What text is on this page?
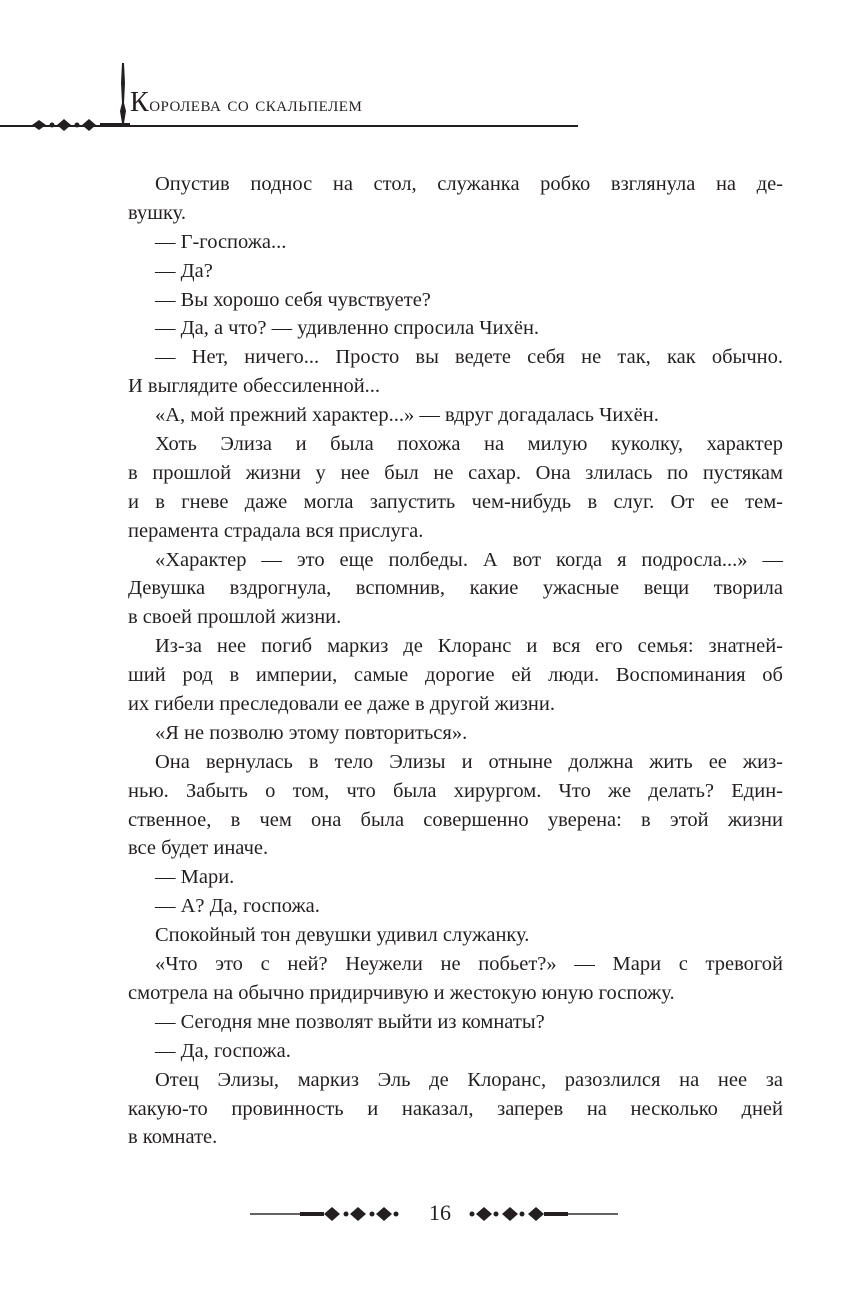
Королева со скальпелем
Опустив поднос на стол, служанка робко взглянула на де-
вушку.
— Г-госпожа...
— Да?
— Вы хорошо себя чувствуете?
— Да, а что? — удивленно спросила Чихён.
— Нет, ничего... Просто вы ведете себя не так, как обычно.
И выглядите обессиленной...
«А, мой прежний характер...» — вдруг догадалась Чихён.
Хоть Элиза и была похожа на милую куколку, характер
в прошлой жизни у нее был не сахар. Она злилась по пустякам
и в гневе даже могла запустить чем-нибудь в слуг. От ее тем-
перамента страдала вся прислуга.
«Характер — это еще полбеды. А вот когда я подросла...» —
Девушка вздрогнула, вспомнив, какие ужасные вещи творила
в своей прошлой жизни.
Из-за нее погиб маркиз де Клоранс и вся его семья: знатней-
ший род в империи, самые дорогие ей люди. Воспоминания об
их гибели преследовали ее даже в другой жизни.
«Я не позволю этому повториться».
Она вернулась в тело Элизы и отныне должна жить ее жиз-
нью. Забыть о том, что была хирургом. Что же делать? Един-
ственное, в чем она была совершенно уверена: в этой жизни
все будет иначе.
— Мари.
— А? Да, госпожа.
Спокойный тон девушки удивил служанку.
«Что это с ней? Неужели не побьет?» — Мари с тревогой
смотрела на обычно придирчивую и жестокую юную госпожу.
— Сегодня мне позволят выйти из комнаты?
— Да, госпожа.
Отец Элизы, маркиз Эль де Клоранс, разозлился на нее за
какую-то провинность и наказал, заперев на несколько дней
в комнате.
16
